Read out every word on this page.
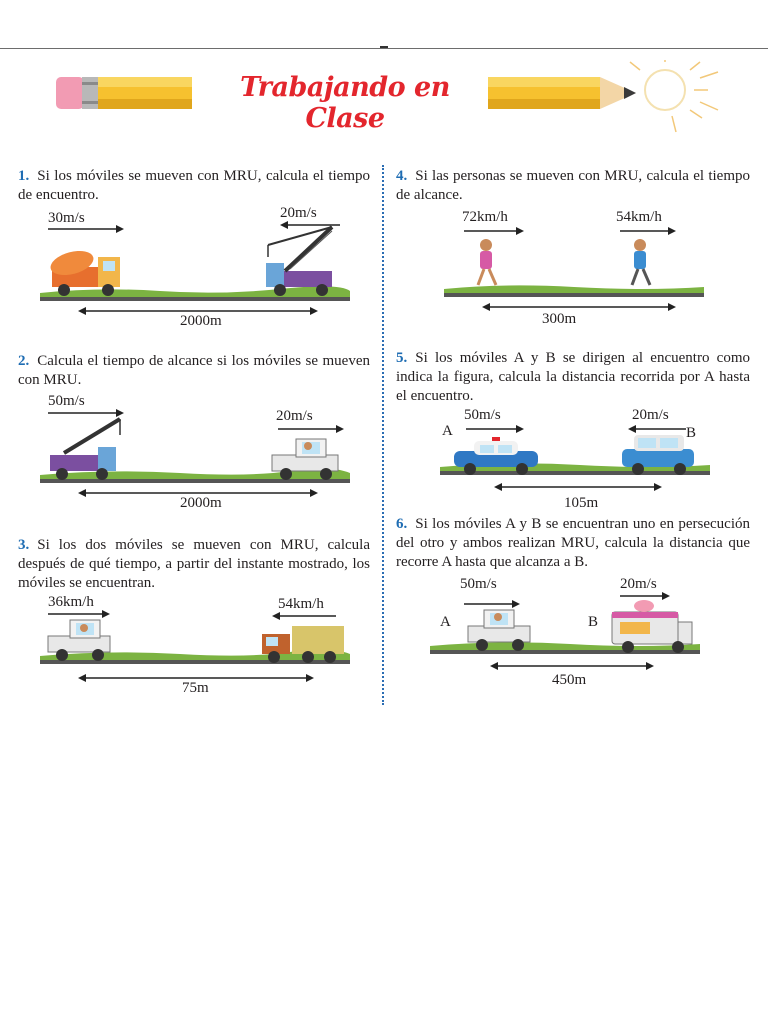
Trabajando en Clase
1. Si los móviles se mueven con MRU, calcula el tiempo de encuentro.
30m/s	20m/s
2000m
2. Calcula el tiempo de alcance si los móviles se mueven con MRU.
50m/s
20m/s
2000m
3. Si los dos móviles se mueven con MRU, calcula después de qué tiempo, a partir del instante mostrado, los móviles se encuentran.
36km/h	54km/h
75m
4. Si las personas se mueven con MRU, calcula el tiempo de alcance.
72km/h	54km/h
300m
5. Si los móviles A y B se dirigen al encuentro como indica la figura, calcula la distancia recorrida por A hasta el encuentro.
A	B
50m/s	20m/s
105m
6. Si los móviles A y B se encuentran uno en persecución del otro y ambos realizan MRU, calcula la distancia que recorre A hasta que alcanza a B.
A	B
50m/s	20m/s
450m
